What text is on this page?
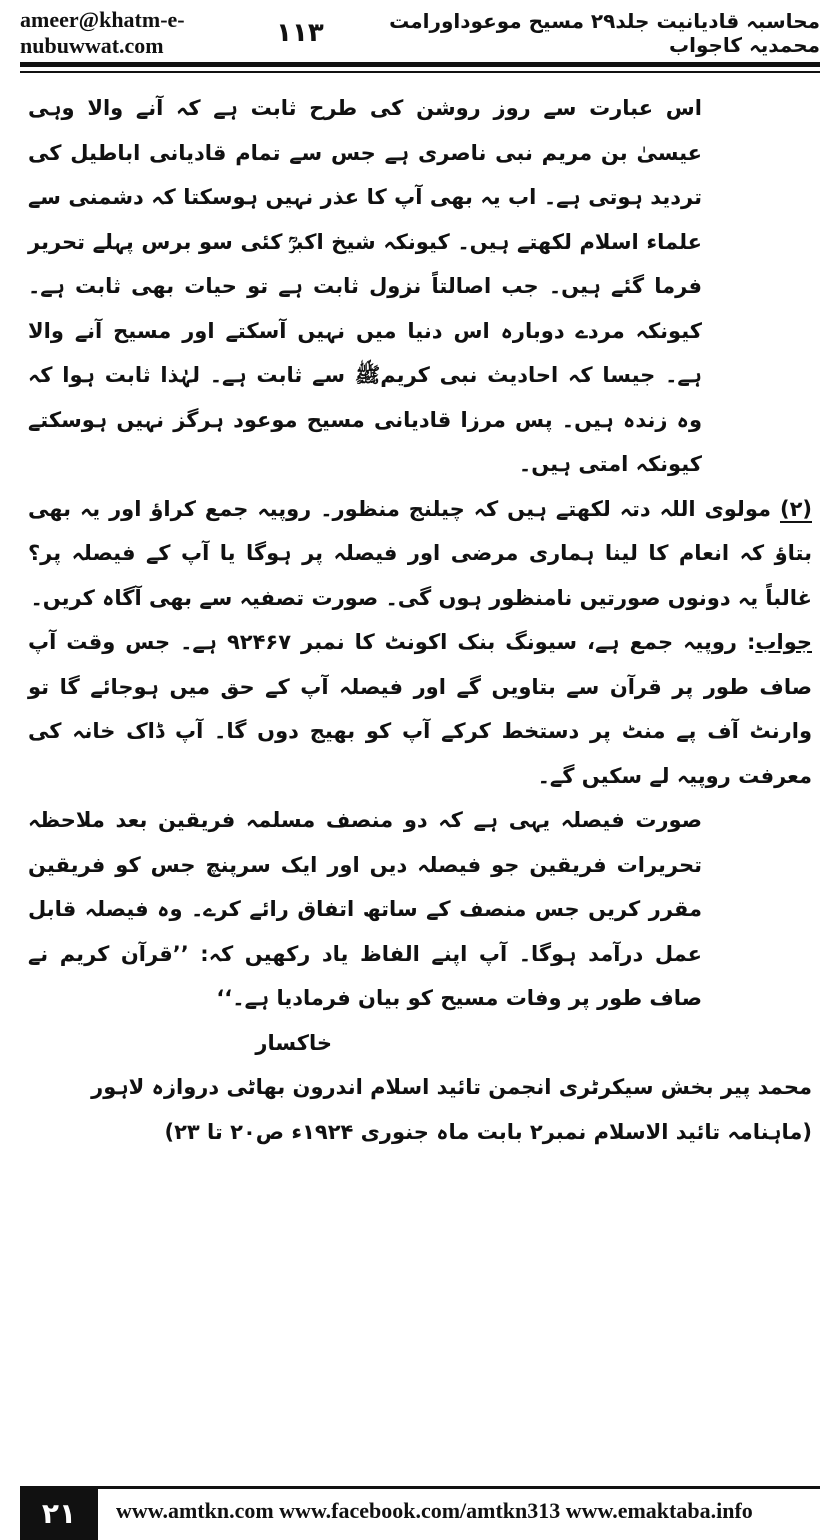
ameer@khatm-e-nubuwwat.com	۱۱۳	محاسبہ قادیانیت جلد۲۹ مسیح موعوداورامت محمدیہ کاجواب

اس عبارت سے روز روشن کی طرح ثابت ہے کہ آنے والا وہی عیسیٰ بن مریم نبی ناصری ہے جس سے تمام قادیانی اباطیل کی تردید ہوتی ہے۔ اب یہ بھی آپ کا عذر نہیں ہوسکتا کہ دشمنی سے علماء اسلام لکھتے ہیں۔ کیونکہ شیخ اکبرؒ کئی سو برس پہلے تحریر فرما گئے ہیں۔ جب اصالتاً نزول ثابت ہے تو حیات بھی ثابت ہے۔ کیونکہ مردے دوبارہ اس دنیا میں نہیں آسکتے اور مسیح آنے والا ہے۔ جیسا کہ احادیث نبی کریمﷺ سے ثابت ہے۔ لہٰذا ثابت ہوا کہ وہ زندہ ہیں۔ پس مرزا قادیانی مسیح موعود ہرگز نہیں ہوسکتے کیونکہ امتی ہیں۔

(۲) مولوی اللہ دتہ لکھتے ہیں کہ چیلنج منظور۔ روپیہ جمع کراؤ اور یہ بھی بتاؤ کہ انعام کا لینا ہماری مرضی اور فیصلہ پر ہوگا یا آپ کے فیصلہ پر؟ غالباً یہ دونوں صورتیں نامنظور ہوں گی۔ صورت تصفیہ سے بھی آگاہ کریں۔

جواب: روپیہ جمع ہے، سیونگ بنک اکونٹ کا نمبر ۹۲۴۶۷ ہے۔ جس وقت آپ صاف طور پر قرآن سے بتاویں گے اور فیصلہ آپ کے حق میں ہوجائے گا تو وارنٹ آف پے منٹ پر دستخط کرکے آپ کو بھیج دوں گا۔ آپ ڈاک خانہ کی معرفت روپیہ لے سکیں گے۔

صورت فیصلہ یہی ہے کہ دو منصف مسلمہ فریقین بعد ملاحظہ تحریرات فریقین جو فیصلہ دیں اور ایک سرپنچ جس کو فریقین مقرر کریں جس منصف کے ساتھ اتفاق رائے کرے۔ وہ فیصلہ قابل عمل درآمد ہوگا۔ آپ اپنے الفاظ یاد رکھیں کہ: ’’قرآن کریم نے صاف طور پر وفات مسیح کو بیان فرمادیا ہے۔‘‘

خاکسار

محمد پیر بخش سیکرٹری انجمن تائید اسلام اندرون بھاٹی دروازہ لاہور

(ماہنامہ تائید الاسلام نمبر۲ بابت ماہ جنوری ۱۹۲۴ء ص۲۰ تا ۲۳)

۲۱	www.amtkn.com www.facebook.com/amtkn313 www.emaktaba.info
